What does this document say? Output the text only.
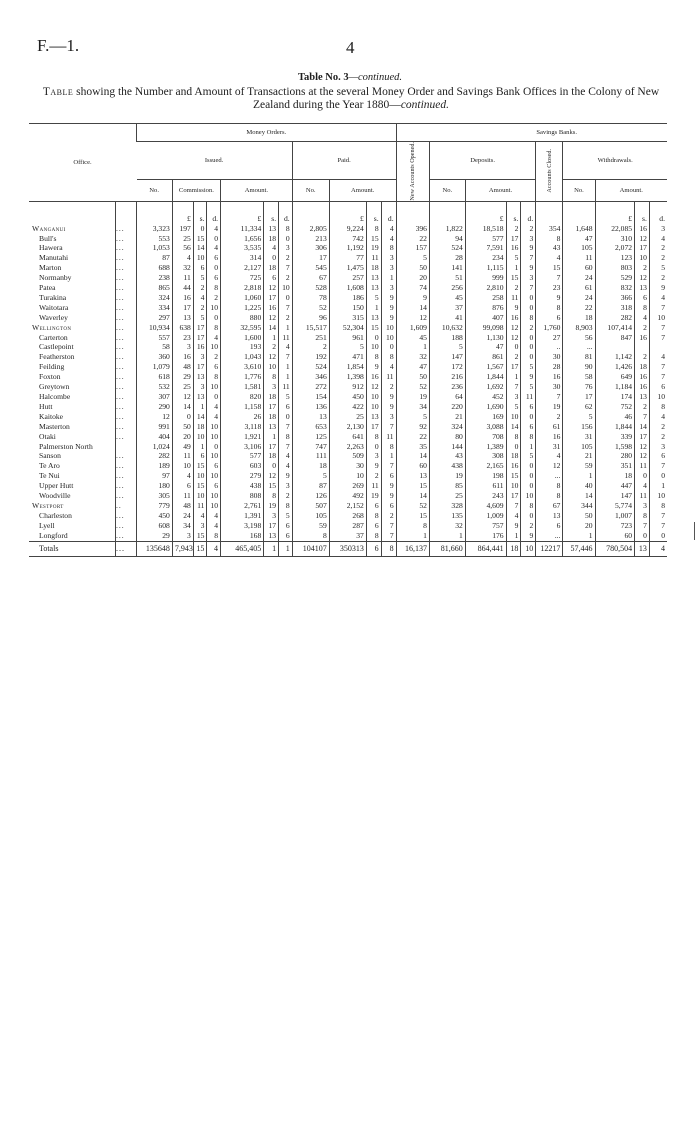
F.—1.	4
Table No. 3—continued.
Table showing the Number and Amount of Transactions at the several Money Order and Savings Bank Offices in the Colony of New Zealand during the Year 1880—continued.
Office.		Money Orders.											Savings Banks.									
		Issued.							Paid.				New Accounts Opened.	Deposits.				Accounts Closed.	Withdrawals.			
		No.	Commission.			Amount.			No.	Amount.				No.	Amount.				No.	Amount.		
			£	s.	d.	£	s.	d.		£	s.	d.			£	s.	d.			£	s.	d.
Wanganui	...	3,323	197	0	4	11,334	13	8	2,805	9,224	8	4	396	1,822	18,518	2	2	354	1,648	22,085	16	3
Bull's	...	553	25	15	0	1,656	18	0	213	742	15	4	22	94	577	17	3	8	47	310	12	4
Hawera	...	1,053	56	14	4	3,535	4	3	306	1,192	19	8	157	524	7,591	16	9	43	105	2,072	17	2
Manutahi	...	87	4	10	6	314	0	2	17	77	11	3	5	28	234	5	7	4	11	123	10	2
Marton	...	688	32	6	0	2,127	18	7	545	1,475	18	3	50	141	1,115	1	9	15	60	803	2	5
Normanby	...	238	11	5	6	725	6	2	67	257	13	1	20	51	999	15	3	7	24	529	12	2
Patea	...	865	44	2	8	2,818	12	10	528	1,608	13	3	74	256	2,810	2	7	23	61	832	13	9
Turakina	...	324	16	4	2	1,060	17	0	78	186	5	9	9	45	258	11	0	9	24	366	6	4
Waitotara	...	334	17	2	10	1,225	16	7	52	150	1	9	14	37	876	9	0	8	22	318	8	7
Waverley	...	297	13	5	0	880	12	2	96	315	13	9	12	41	407	16	8	6	18	282	4	10
Wellington	...	10,934	638	17	8	32,595	14	1	15,517	52,304	15	10	1,609	10,632	99,098	12	2	1,760	8,903	107,414	2	7
Carterton	...	557	23	17	4	1,600	1	11	251	961	0	10	45	188	1,130	12	0	27	56	847	16	7
Castlepoint	...	58	3	16	10	193	2	4	2	5	10	0	1	5	47	0	0	..	...			
Featherston	...	360	16	3	2	1,043	12	7	192	471	8	8	32	147	861	2	0	30	81	1,142	2	4
Feilding	...	1,079	48	17	6	3,610	10	1	524	1,854	9	4	47	172	1,567	17	5	28	90	1,426	18	7
Foxton	...	618	29	13	8	1,776	8	1	346	1,398	16	11	50	216	1,844	1	9	16	58	649	16	7
Greytown	...	532	25	3	10	1,581	3	11	272	912	12	2	52	236	1,692	7	5	30	76	1,184	16	6
Halcombe	...	307	12	13	0	820	18	5	154	450	10	9	19	64	452	3	11	7	17	174	13	10
Hutt	...	290	14	1	4	1,158	17	6	136	422	10	9	34	220	1,690	5	6	19	62	752	2	8
Kaitoke	...	12	0	14	4	26	18	0	13	25	13	3	5	21	169	10	0	2	5	46	7	4
Masterton	...	991	50	18	10	3,118	13	7	653	2,130	17	7	92	324	3,088	14	6	61	156	1,844	14	2
Otaki	...	404	20	10	10	1,921	1	8	125	641	8	11	22	80	708	8	8	16	31	339	17	2
Palmerston North		1,024	49	1	0	3,106	17	7	747	2,263	0	8	35	144	1,389	0	1	31	105	1,598	12	3
Sanson	...	282	11	6	10	577	18	4	111	509	3	1	14	43	308	18	5	4	21	280	12	6
Te Aro	...	189	10	15	6	603	0	4	18	30	9	7	60	438	2,165	16	0	12	59	351	11	7
Te Nui	...	97	4	10	10	279	12	9	5	10	2	6	13	19	198	15	0	...	1	18	0	0
Upper Hutt	...	180	6	15	6	438	15	3	87	269	11	9	15	85	611	10	0	8	40	447	4	1
Woodville	...	305	11	10	10	808	8	2	126	492	19	9	14	25	243	17	10	8	14	147	11	10
Westport	..	779	48	11	10	2,761	19	8	507	2,152	6	6	52	328	4,609	7	8	67	344	5,774	3	8
Charleston	...	450	24	4	4	1,391	3	5	105	268	8	2	15	135	1,009	4	0	13	50	1,007	8	7
Lyell	...	608	34	3	4	3,198	17	6	59	287	6	7	8	32	757	9	2	6	20	723	7	7
Longford	...	29	3	15	8	168	13	6	8	37	8	7	1	1	176	1	9	...	1	60	0	0
Totals	...	135648	7,943	15	4	465,405	1	1	104107	350313	6	8	16,137	81,660	864,441	18	10	12217	57,446	780,504	13	4
